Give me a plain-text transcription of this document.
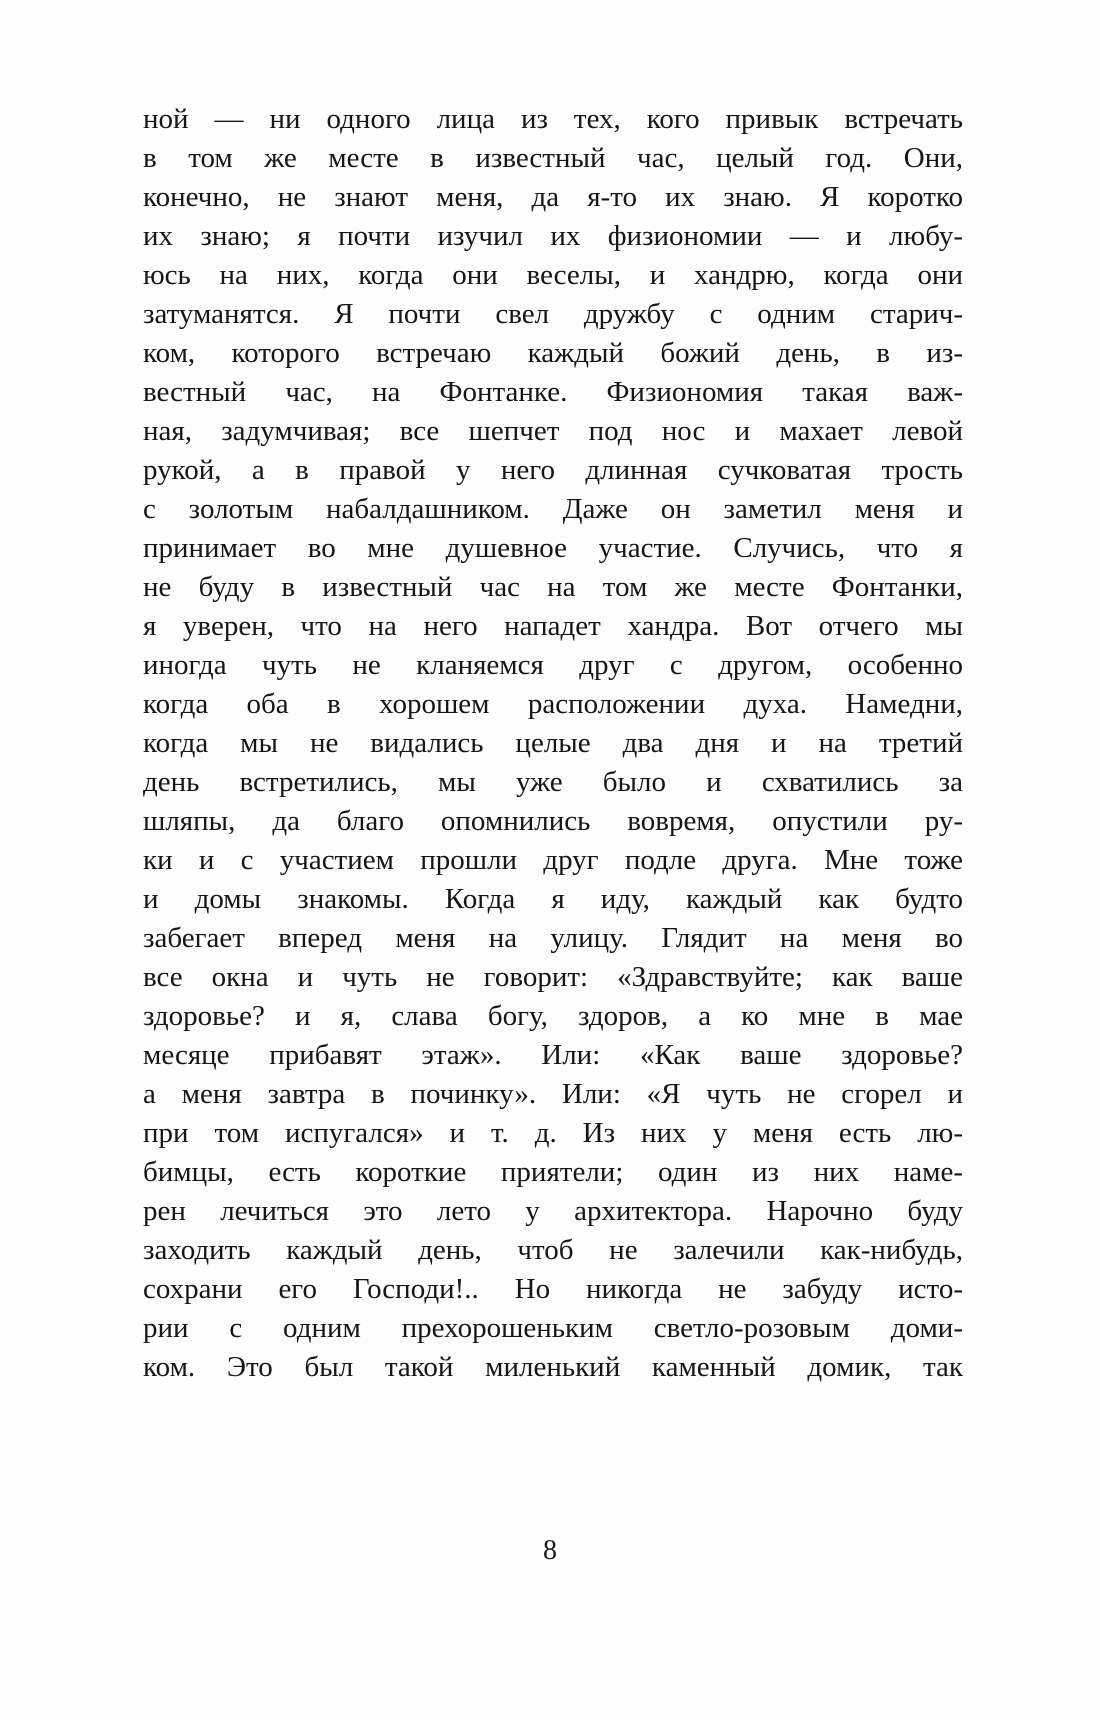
ной — ни одного лица из тех, кого привык встречать
в том же месте в известный час, целый год. Они,
конечно, не знают меня, да я-то их знаю. Я коротко
их знаю; я почти изучил их физиономии — и любу-
юсь на них, когда они веселы, и хандрю, когда они
затуманятся. Я почти свел дружбу с одним старич-
ком, которого встречаю каждый божий день, в из-
вестный час, на Фонтанке. Физиономия такая важ-
ная, задумчивая; все шепчет под нос и махает левой
рукой, а в правой у него длинная сучковатая трость
с золотым набалдашником. Даже он заметил меня и
принимает во мне душевное участие. Случись, что я
не буду в известный час на том же месте Фонтанки,
я уверен, что на него нападет хандра. Вот отчего мы
иногда чуть не кланяемся друг с другом, особенно
когда оба в хорошем расположении духа. Намедни,
когда мы не видались целые два дня и на третий
день встретились, мы уже было и схватились за
шляпы, да благо опомнились вовремя, опустили ру-
ки и с участием прошли друг подле друга. Мне тоже
и домы знакомы. Когда я иду, каждый как будто
забегает вперед меня на улицу. Глядит на меня во
все окна и чуть не говорит: «Здравствуйте; как ваше
здоровье? и я, слава богу, здоров, а ко мне в мае
месяце прибавят этаж». Или: «Как ваше здоровье?
а меня завтра в починку». Или: «Я чуть не сгорел и
при том испугался» и т. д. Из них у меня есть лю-
бимцы, есть короткие приятели; один из них наме-
рен лечиться это лето у архитектора. Нарочно буду
заходить каждый день, чтоб не залечили как-нибудь,
сохрани его Господи!.. Но никогда не забуду исто-
рии с одним прехорошеньким светло-розовым доми-
ком. Это был такой миленький каменный домик, так
8
